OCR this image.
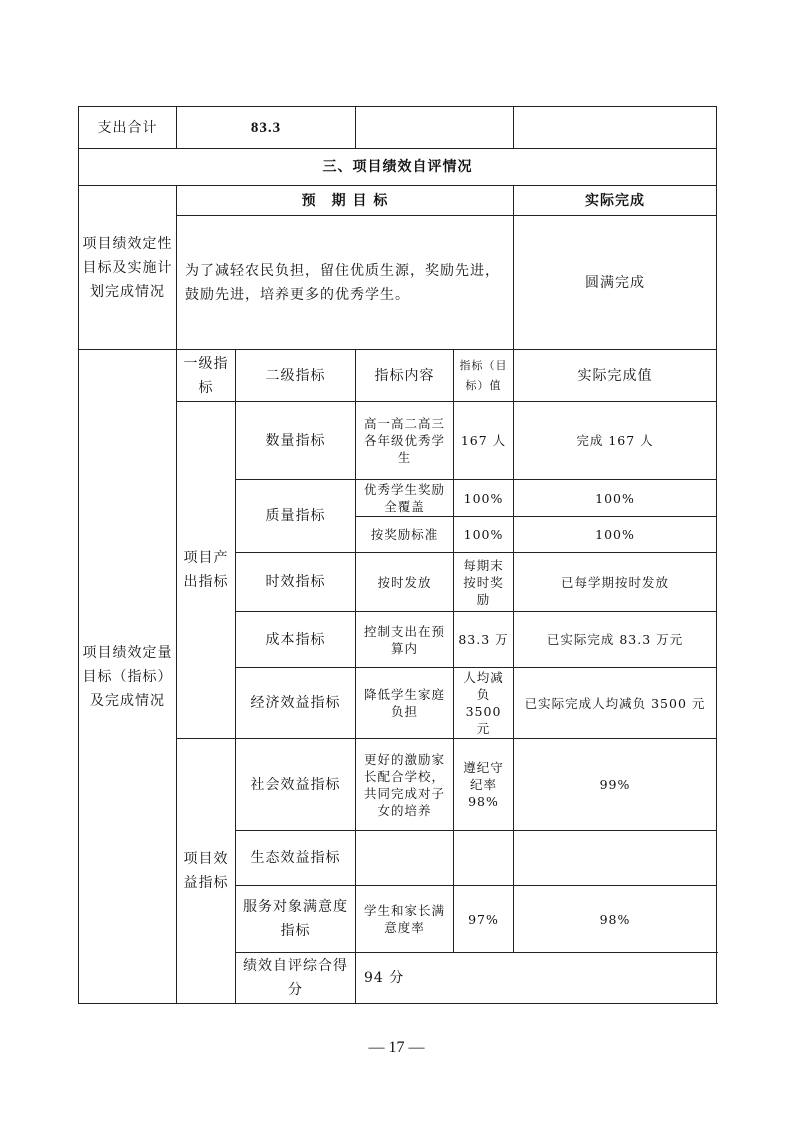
支出合计	83.3				
三、项目绩效自评情况					
项目绩效定性目标及实施计划完成情况	预　期 目 标				实际完成
	为了减轻农民负担，留住优质生源，奖励先进，鼓励先进，培养更多的优秀学生。				圆满完成
项目绩效定量目标（指标）及完成情况	一级指标	二级指标	指标内容	指标（目标）值	实际完成值
	项目产出指标	数量指标	高一高二高三各年级优秀学生	167 人	完成 167 人
		质量指标	优秀学生奖励全覆盖	100%	100%
			按奖励标准	100%	100%
		时效指标	按时发放	每期末按时奖励	已每学期按时发放
		成本指标	控制支出在预算内	83.3 万	已实际完成 83.3 万元
		经济效益指标	降低学生家庭负担	人均减负 3500 元	已实际完成人均减负 3500 元
	项目效益指标	社会效益指标	更好的激励家长配合学校，共同完成对子女的培养	遵纪守纪率 98%	99%
		生态效益指标			
		服务对象满意度指标	学生和家长满意度率	97%	98%
		绩效自评综合得分	94 分		
— 17 —
